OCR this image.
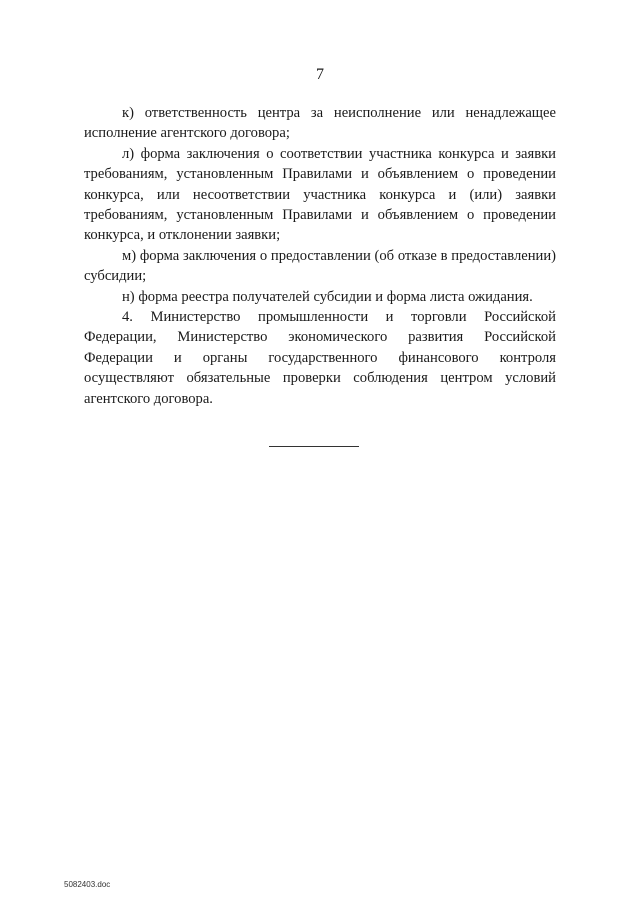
7

к) ответственность центра за неисполнение или ненадлежащее исполнение агентского договора;

л) форма заключения о соответствии участника конкурса и заявки требованиям, установленным Правилами и объявлением о проведении конкурса, или несоответствии участника конкурса и (или) заявки требованиям, установленным Правилами и объявлением о проведении конкурса, и отклонении заявки;

м) форма заключения о предоставлении (об отказе в предоставлении) субсидии;

н) форма реестра получателей субсидии и форма листа ожидания.

4. Министерство промышленности и торговли Российской Федерации, Министерство экономического развития Российской Федерации и органы государственного финансового контроля осуществляют обязательные проверки соблюдения центром условий агентского договора.

5082403.doc
